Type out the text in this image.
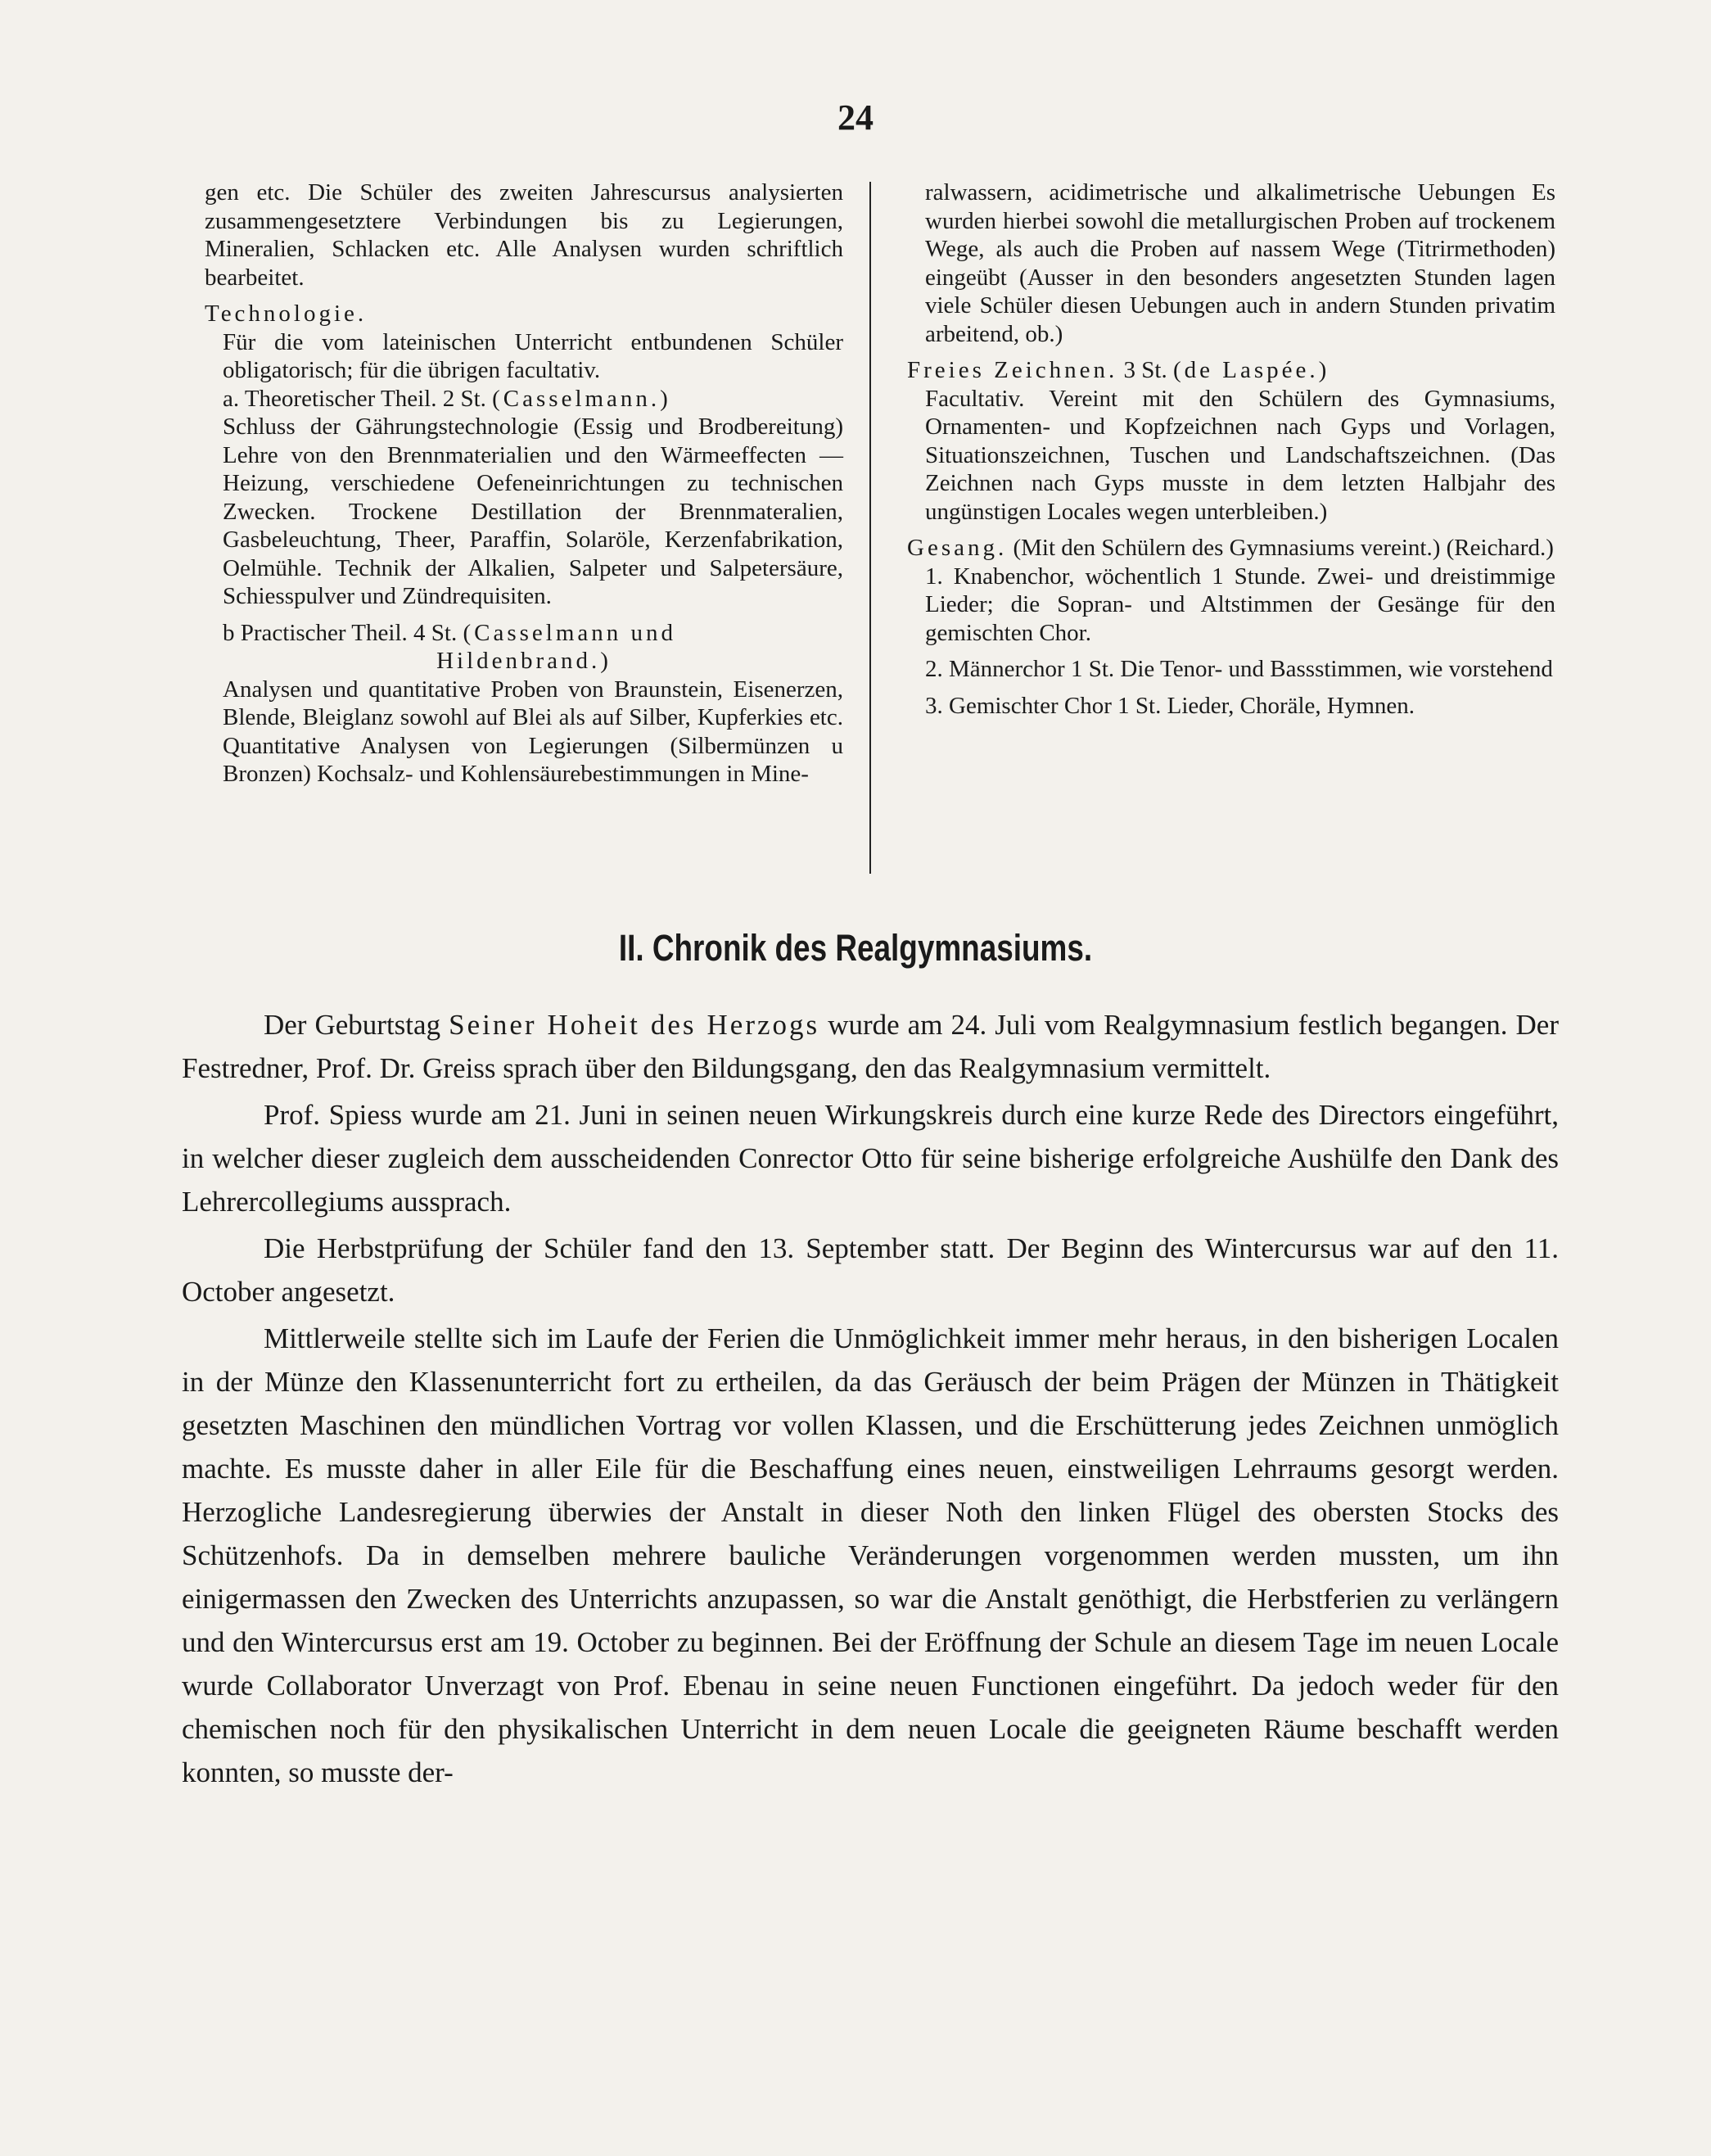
24

gen etc. Die Schüler des zweiten Jahrescursus analysierten zusammengesetztere Verbindungen bis zu Legierungen, Mineralien, Schlacken etc. Alle Analysen wurden schriftlich bearbeitet.

Technologie.

Für die vom lateinischen Unterricht entbundenen Schüler obligatorisch; für die übrigen facultativ.

a. Theoretischer Theil. 2 St. (Casselmann.)

Schluss der Gährungstechnologie (Essig und Brodbereitung) Lehre von den Brennmaterialien und den Wärmeeffecten — Heizung, verschiedene Oefeneinrichtungen zu technischen Zwecken. Trockene Destillation der Brennmateralien, Gasbeleuchtung, Theer, Paraffin, Solaröle, Kerzenfabrikation, Oelmühle. Technik der Alkalien, Salpeter und Salpetersäure, Schiesspulver und Zündrequisiten.

b Practischer Theil. 4 St. (Casselmann und

Hildenbrand.)

Analysen und quantitative Proben von Braunstein, Eisenerzen, Blende, Bleiglanz sowohl auf Blei als auf Silber, Kupferkies etc. Quantitative Analysen von Legierungen (Silbermünzen u Bronzen) Kochsalz- und Kohlensäurebestimmungen in Mine-

ralwassern, acidimetrische und alkalimetrische Uebungen Es wurden hierbei sowohl die metallurgischen Proben auf trockenem Wege, als auch die Proben auf nassem Wege (Titrirmethoden) eingeübt (Ausser in den besonders angesetzten Stunden lagen viele Schüler diesen Uebungen auch in andern Stunden privatim arbeitend, ob.)

Freies Zeichnen. 3 St. (de Laspée.)

Facultativ. Vereint mit den Schülern des Gymnasiums, Ornamenten- und Kopfzeichnen nach Gyps und Vorlagen, Situationszeichnen, Tuschen und Landschaftszeichnen. (Das Zeichnen nach Gyps musste in dem letzten Halbjahr des ungünstigen Locales wegen unterbleiben.)

Gesang. (Mit den Schülern des Gymnasiums vereint.) (Reichard.)

1. Knabenchor, wöchentlich 1 Stunde. Zwei- und dreistimmige Lieder; die Sopran- und Altstimmen der Gesänge für den gemischten Chor.

2. Männerchor 1 St. Die Tenor- und Bassstimmen, wie vorstehend

3. Gemischter Chor 1 St. Lieder, Choräle, Hymnen.

II. Chronik des Realgymnasiums.

Der Geburtstag Seiner Hoheit des Herzogs wurde am 24. Juli vom Realgymnasium festlich begangen. Der Festredner, Prof. Dr. Greiss sprach über den Bildungsgang, den das Realgymnasium vermittelt.

Prof. Spiess wurde am 21. Juni in seinen neuen Wirkungskreis durch eine kurze Rede des Directors eingeführt, in welcher dieser zugleich dem ausscheidenden Conrector Otto für seine bisherige erfolgreiche Aushülfe den Dank des Lehrercollegiums aussprach.

Die Herbstprüfung der Schüler fand den 13. September statt. Der Beginn des Wintercursus war auf den 11. October angesetzt.

Mittlerweile stellte sich im Laufe der Ferien die Unmöglichkeit immer mehr heraus, in den bisherigen Localen in der Münze den Klassenunterricht fort zu ertheilen, da das Geräusch der beim Prägen der Münzen in Thätigkeit gesetzten Maschinen den mündlichen Vortrag vor vollen Klassen, und die Erschütterung jedes Zeichnen unmöglich machte. Es musste daher in aller Eile für die Beschaffung eines neuen, einstweiligen Lehrraums gesorgt werden. Herzogliche Landesregierung überwies der Anstalt in dieser Noth den linken Flügel des obersten Stocks des Schützenhofs. Da in demselben mehrere bauliche Veränderungen vorgenommen werden mussten, um ihn einigermassen den Zwecken des Unterrichts anzupassen, so war die Anstalt genöthigt, die Herbstferien zu verlängern und den Wintercursus erst am 19. October zu beginnen. Bei der Eröffnung der Schule an diesem Tage im neuen Locale wurde Collaborator Unverzagt von Prof. Ebenau in seine neuen Functionen eingeführt. Da jedoch weder für den chemischen noch für den physikalischen Unterricht in dem neuen Locale die geeigneten Räume beschafft werden konnten, so musste der-
